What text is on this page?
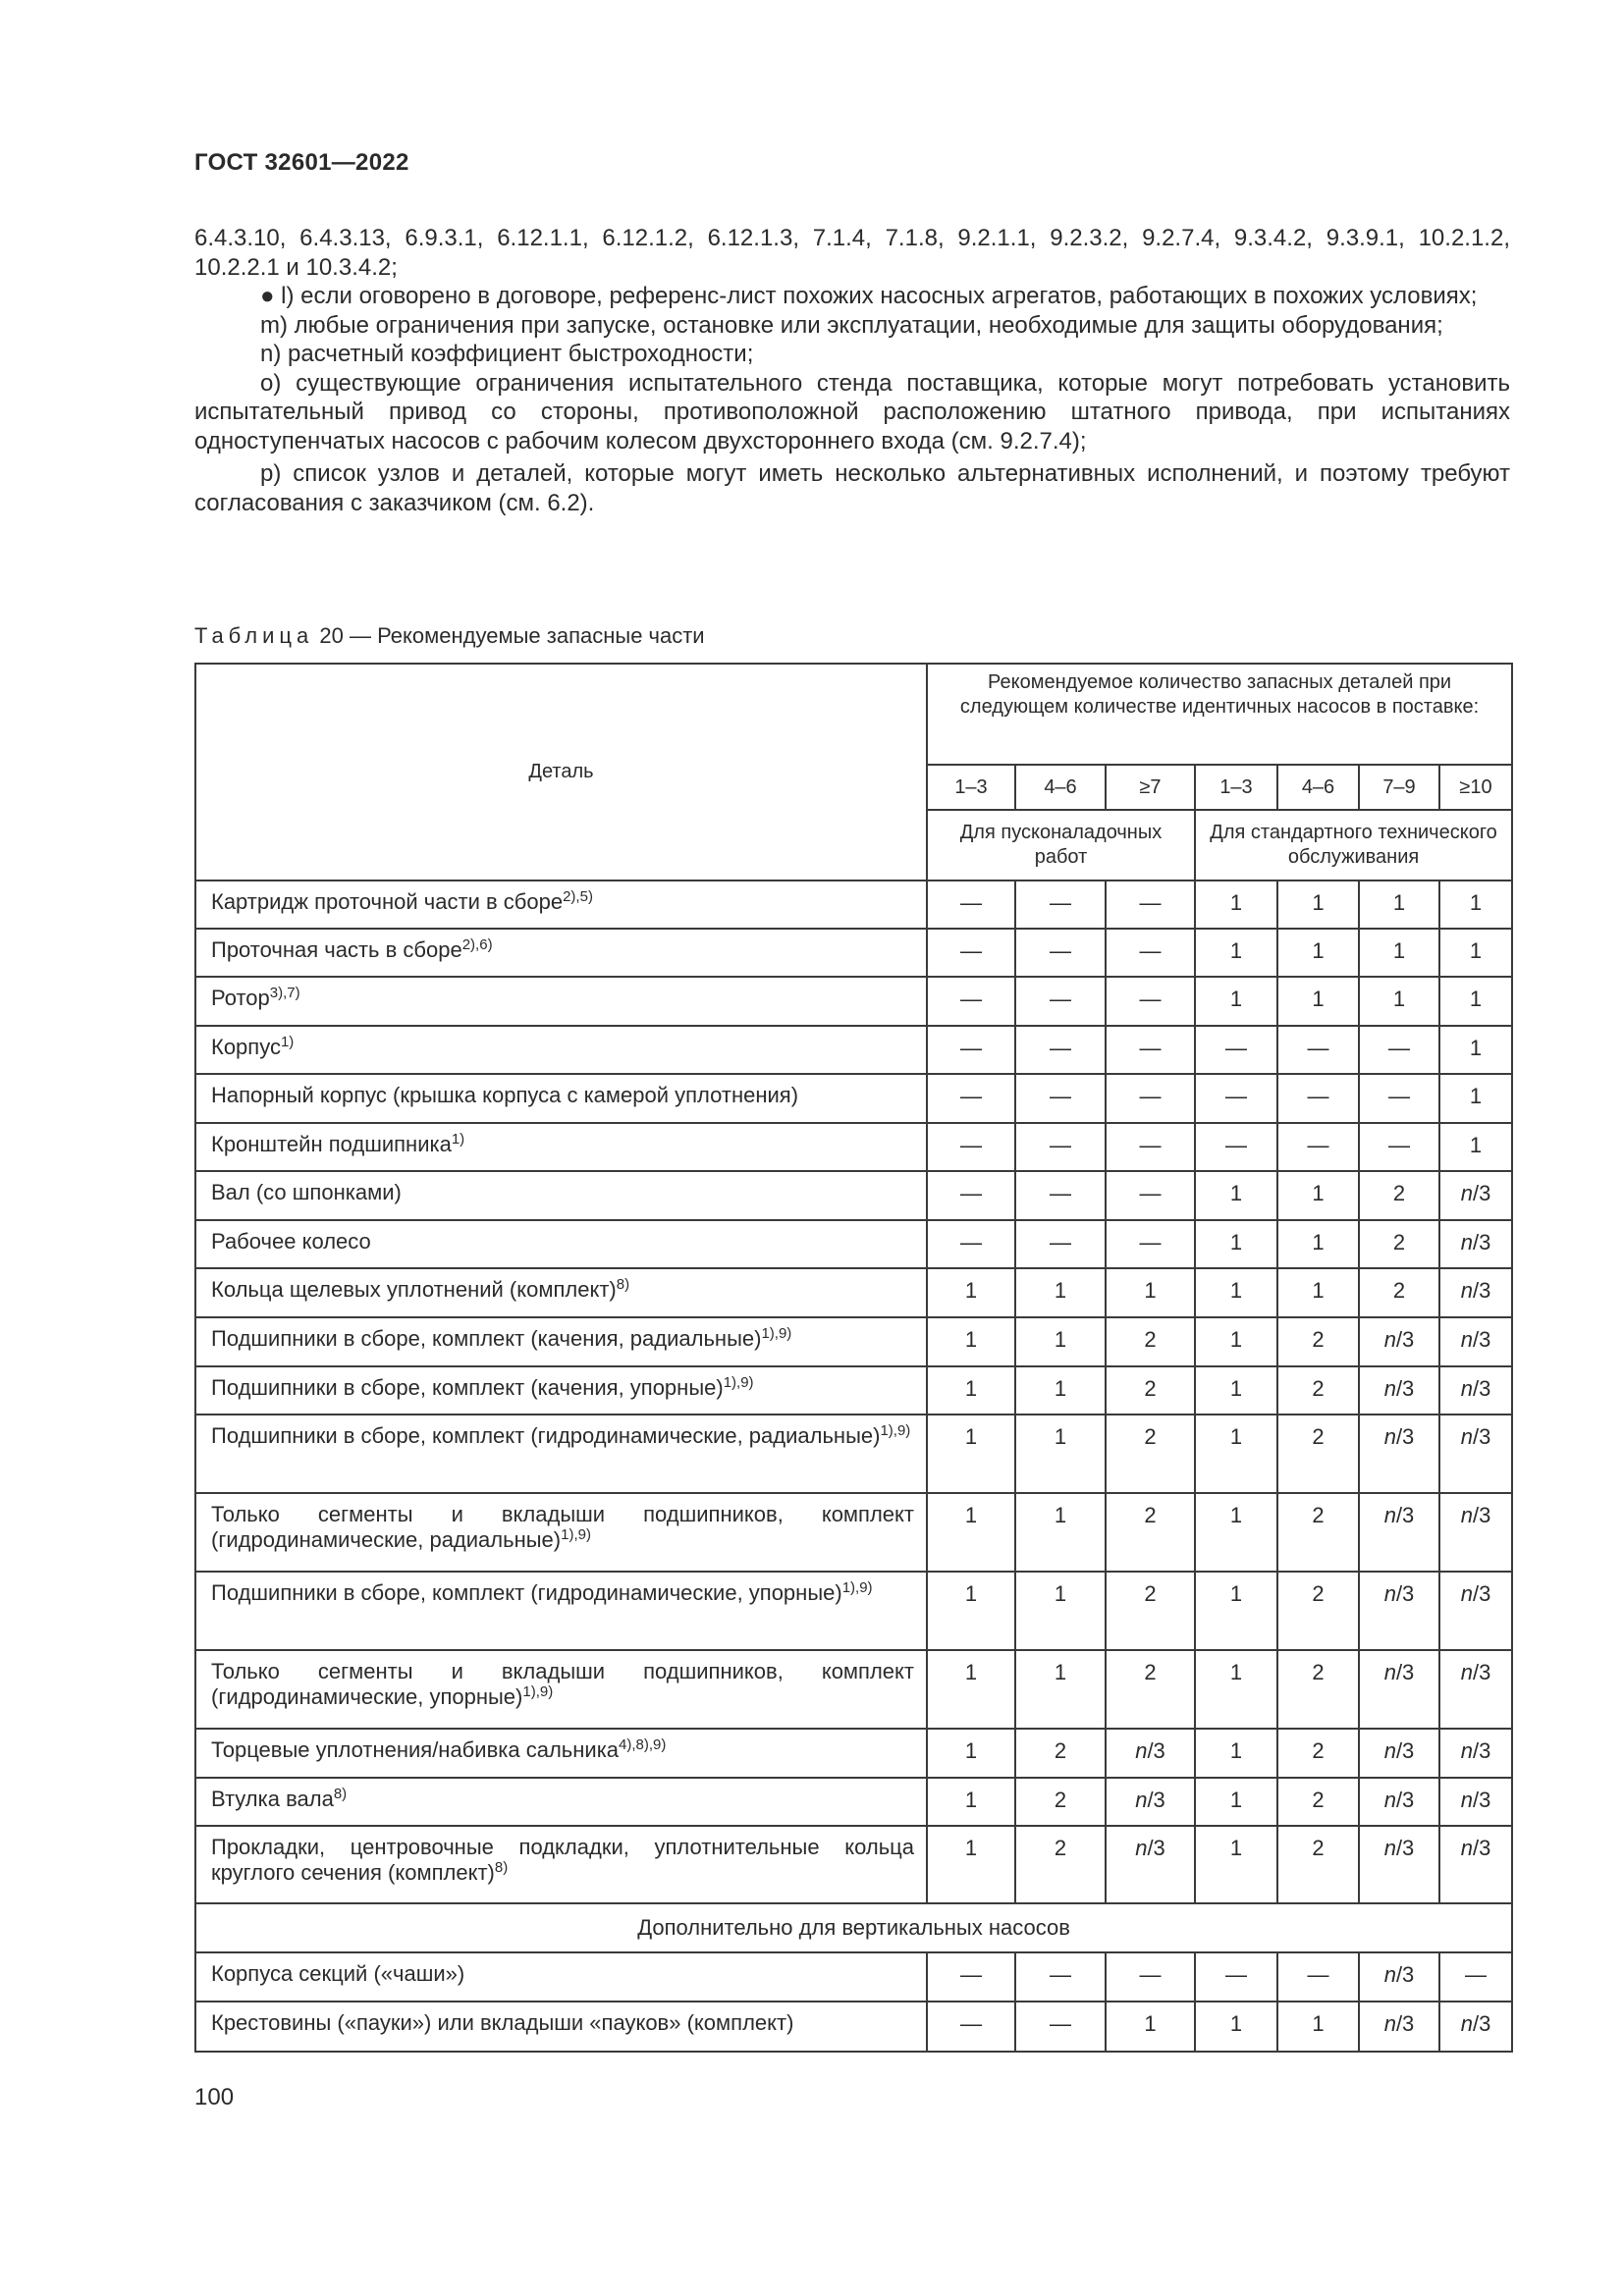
ГОСТ 32601—2022

6.4.3.10, 6.4.3.13, 6.9.3.1, 6.12.1.1, 6.12.1.2, 6.12.1.3, 7.1.4, 7.1.8, 9.2.1.1, 9.2.3.2, 9.2.7.4, 9.3.4.2, 9.3.9.1, 10.2.1.2, 10.2.2.1 и 10.3.4.2;

● l) если оговорено в договоре, референс-лист похожих насосных агрегатов, работающих в похожих условиях;

m) любые ограничения при запуске, остановке или эксплуатации, необходимые для защиты оборудования;

n) расчетный коэффициент быстроходности;

o) существующие ограничения испытательного стенда поставщика, которые могут потребовать установить испытательный привод со стороны, противоположной расположению штатного привода, при испытаниях одноступенчатых насосов с рабочим колесом двухстороннего входа (см. 9.2.7.4);

p) список узлов и деталей, которые могут иметь несколько альтернативных исполнений, и поэтому требуют согласования с заказчиком (см. 6.2).

Таблица 20 — Рекомендуемые запасные части
Деталь	Рекомендуемое количество запасных деталей при следующем количестве идентичных насосов в поставке:						
	1–3	4–6	≥7	1–3	4–6	7–9	≥10
	Для пусконаладочных работ			Для стандартного технического обслуживания			
Картридж проточной части в сборе$^{2),5)}$	—	—	—	1	1	1	1
Проточная часть в сборе$^{2),6)}$	—	—	—	1	1	1	1
Ротор$^{3),7)}$	—	—	—	1	1	1	1
Корпус$^{1)}$	—	—	—	—	—	—	1
Напорный корпус (крышка корпуса с камерой уплотнения)	—	—	—	—	—	—	1
Кронштейн подшипника$^{1)}$	—	—	—	—	—	—	1
Вал (со шпонками)	—	—	—	1	1	2	n/3
Рабочее колесо	—	—	—	1	1	2	n/3
Кольца щелевых уплотнений (комплект)$^{8)}$	1	1	1	1	1	2	n/3
Подшипники в сборе, комплект (качения, радиальные)$^{1),9)}$	1	1	2	1	2	n/3	n/3
Подшипники в сборе, комплект (качения, упорные)$^{1),9)}$	1	1	2	1	2	n/3	n/3
Подшипники в сборе, комплект (гидродинамические, радиальные)$^{1),9)}$	1	1	2	1	2	n/3	n/3
Только сегменты и вкладыши подшипников, комплект (гидродинамические, радиальные)$^{1),9)}$	1	1	2	1	2	n/3	n/3
Подшипники в сборе, комплект (гидродинамические, упорные)$^{1),9)}$	1	1	2	1	2	n/3	n/3
Только сегменты и вкладыши подшипников, комплект (гидродинамические, упорные)$^{1),9)}$	1	1	2	1	2	n/3	n/3
Торцевые уплотнения/набивка сальника$^{4),8),9)}$	1	2	n/3	1	2	n/3	n/3
Втулка вала$^{8)}$	1	2	n/3	1	2	n/3	n/3
Прокладки, центровочные подкладки, уплотнительные кольца круглого сечения (комплект)$^{8)}$	1	2	n/3	1	2	n/3	n/3
Дополнительно для вертикальных насосов							
Корпуса секций («чаши»)	—	—	—	—	—	n/3	—
Крестовины («пауки») или вкладыши «пауков» (комплект)	—	—	1	1	1	n/3	n/3
100
